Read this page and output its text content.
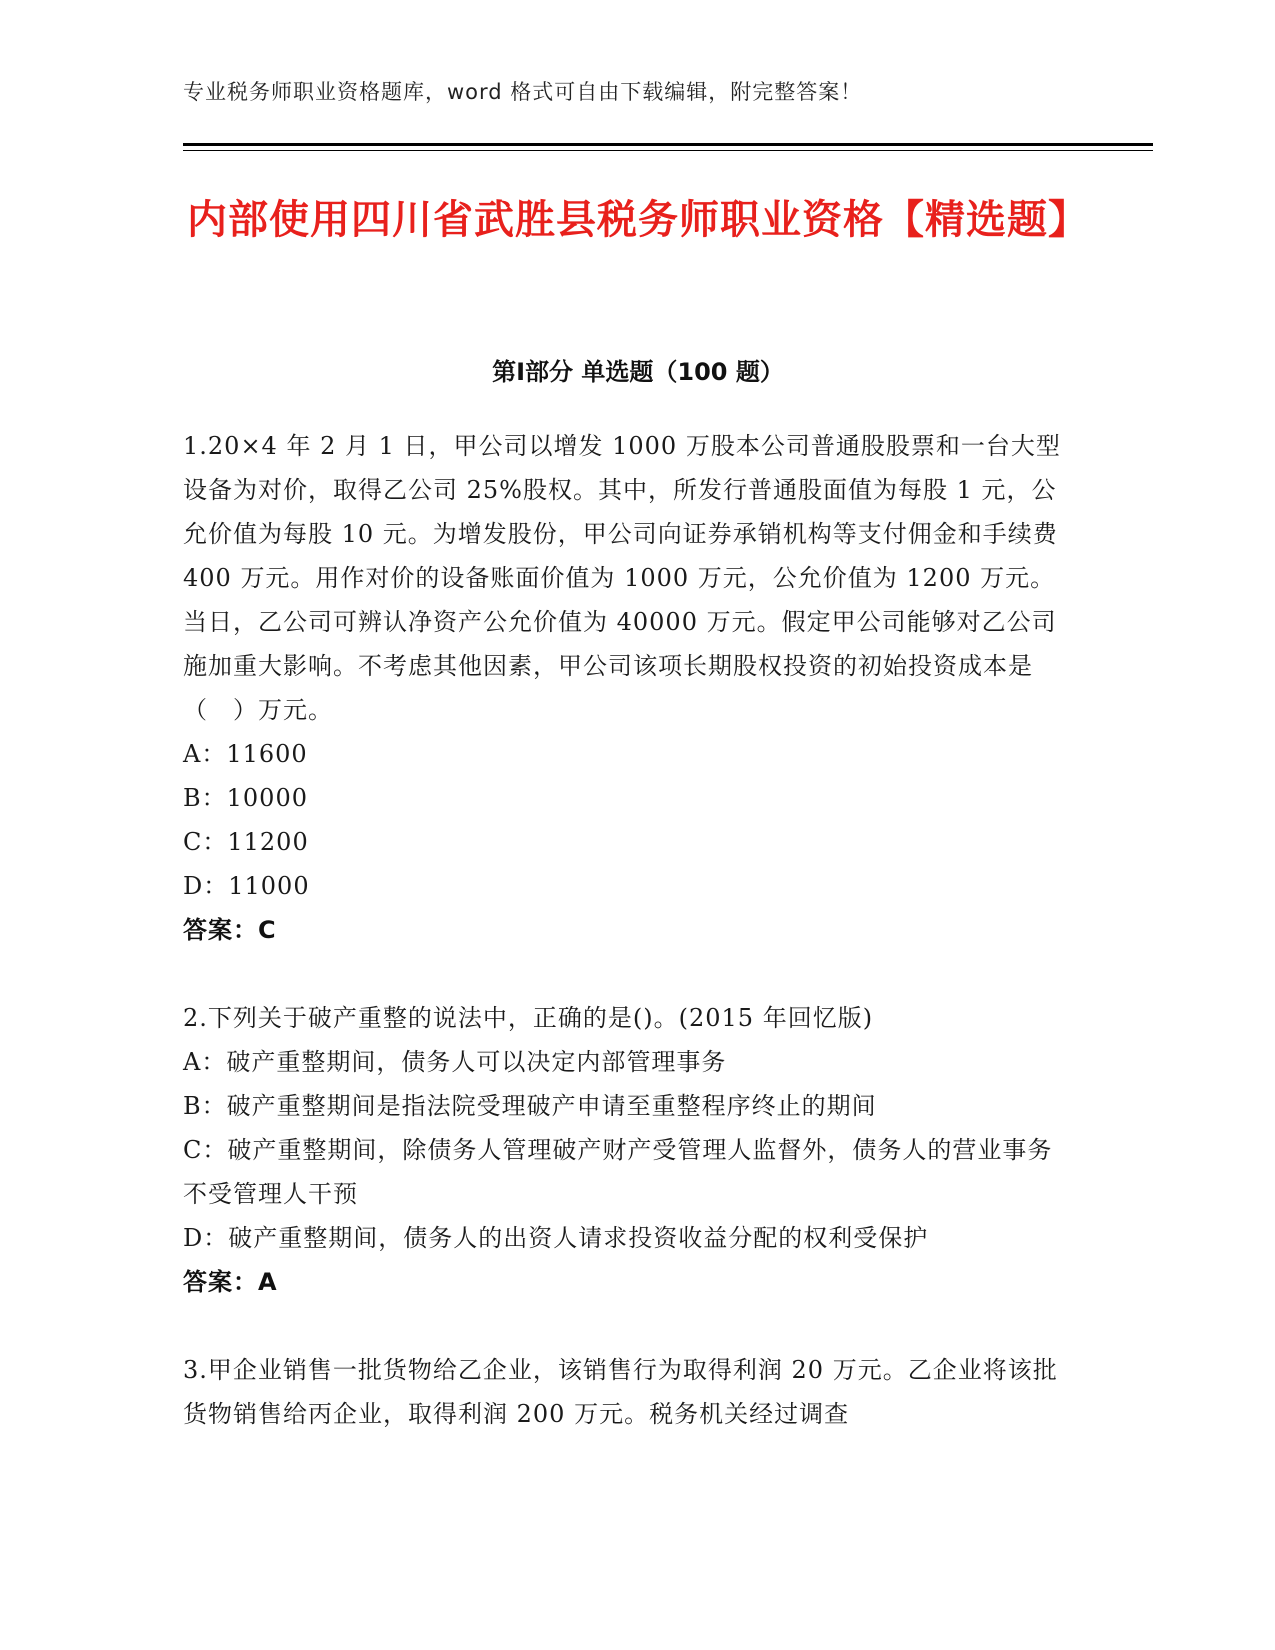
专业税务师职业资格题库，word 格式可自由下载编辑，附完整答案！
内部使用四川省武胜县税务师职业资格【精选题】
第Ⅰ部分 单选题（100 题）

1.20×4 年 2 月 1 日，甲公司以增发 1000 万股本公司普通股股票和一台大型设备为对价，取得乙公司 25%股权。其中，所发行普通股面值为每股 1 元，公允价值为每股 10 元。为增发股份，甲公司向证券承销机构等支付佣金和手续费 400 万元。用作对价的设备账面价值为 1000 万元，公允价值为 1200 万元。当日，乙公司可辨认净资产公允价值为 40000 万元。假定甲公司能够对乙公司施加重大影响。不考虑其他因素，甲公司该项长期股权投资的初始投资成本是（　）万元。

A：11600

B：10000

C：11200

D：11000

答案：C

2.下列关于破产重整的说法中，正确的是()。(2015 年回忆版)

A：破产重整期间，债务人可以决定内部管理事务

B：破产重整期间是指法院受理破产申请至重整程序终止的期间

C：破产重整期间，除债务人管理破产财产受管理人监督外，债务人的营业事务不受管理人干预

D：破产重整期间，债务人的出资人请求投资收益分配的权利受保护

答案：A

3.甲企业销售一批货物给乙企业，该销售行为取得利润 20 万元。乙企业将该批货物销售给丙企业，取得利润 200 万元。税务机关经过调查
